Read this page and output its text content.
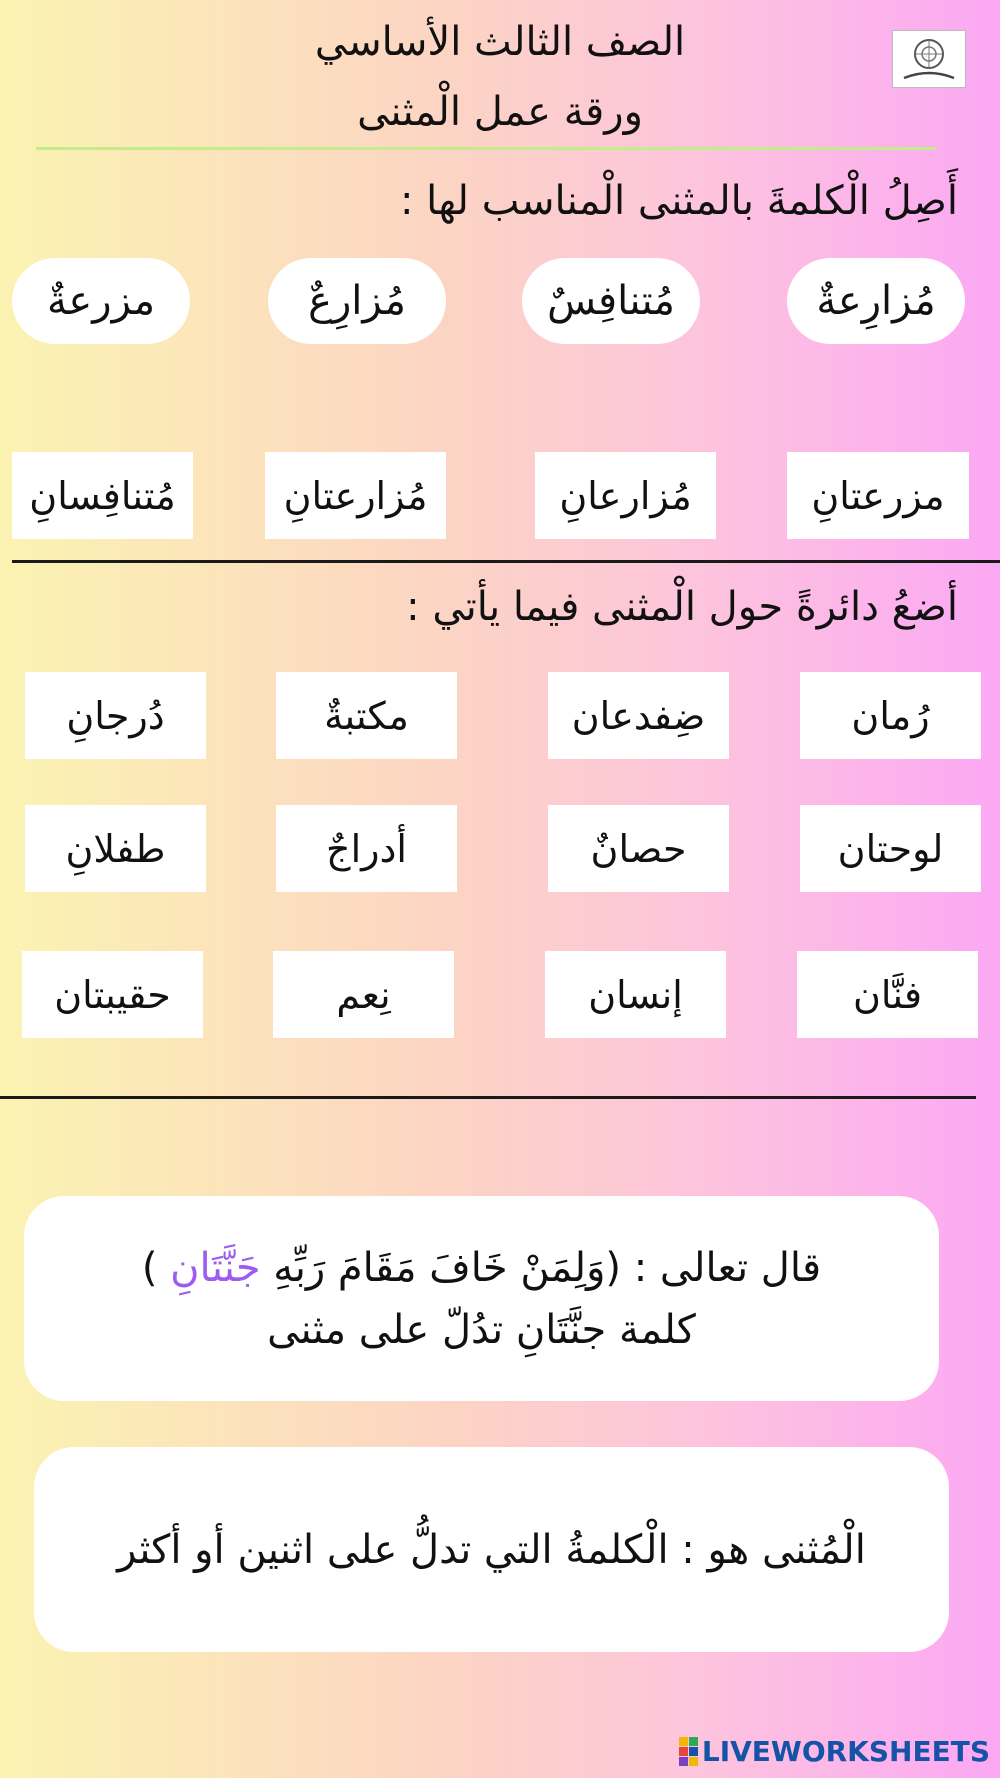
الصف الثالث الأساسي
ورقة عمل الْمثنى
أَصِلُ الْكلمةَ بالمثنى الْمناسب لها :
مُزارِعةٌ
مُتنافِسٌ
مُزارِعٌ
مزرعةٌ
مزرعتانِ
مُزارعانِ
مُزارعتانِ
مُتنافِسانِ
أضعُ دائرةً حول الْمثنى فيما يأتي :
رُمان
ضِفدعان
مكتبةٌ
دُرجانِ
لوحتان
حصانٌ
أدراجٌ
طفلانِ
فنَّان
إنسان
نِعم
حقيبتان
قال تعالى : (وَلِمَنْ خَافَ مَقَامَ رَبِّهِ جَنَّتَانِ )
كلمة جنَّتَانِ تدُلّ على مثنى
الْمُثنى هو : الْكلمةُ التي تدلُّ على اثنين أو أكثر
LIVEWORKSHEETS
